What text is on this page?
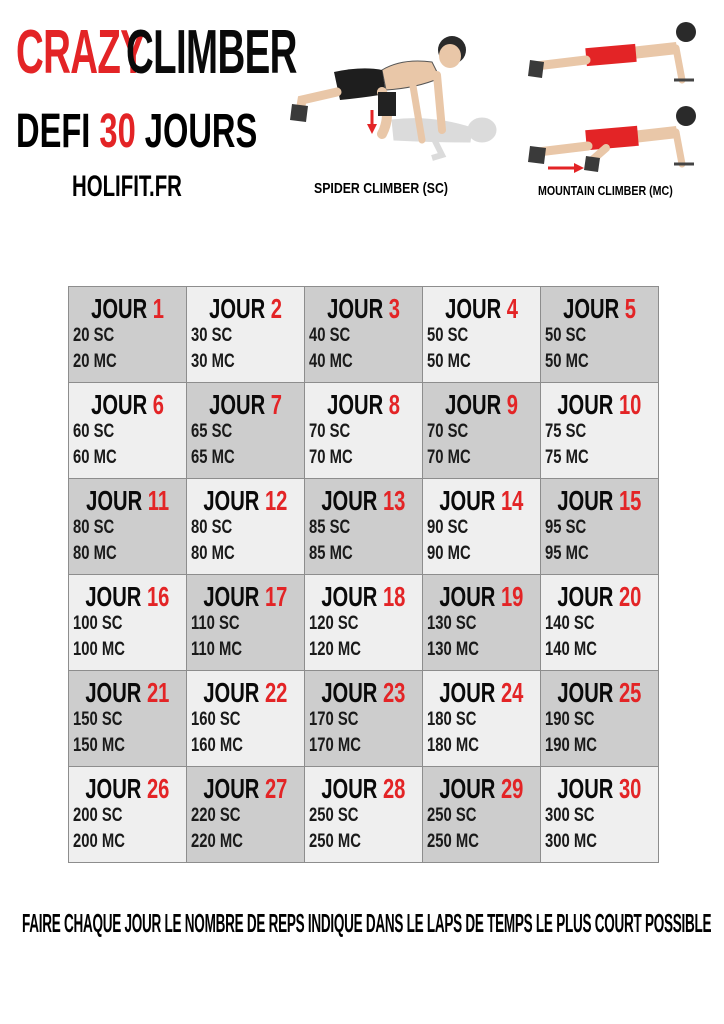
CRAZY
CLIMBER
DEFI 30 JOURS
HOLIFIT.FR	SPIDER CLIMBER (SC)	MOUNTAIN CLIMBER (MC)
JOUR 1
20 SC
20 MC	JOUR 2
30 SC
30 MC	JOUR 3
40 SC
40 MC	JOUR 4
50 SC
50 MC	JOUR 5
50 SC
50 MC

JOUR 6
60 SC
60 MC	JOUR 7
65 SC
65 MC	JOUR 8
70 SC
70 MC	JOUR 9
70 SC
70 MC	JOUR 10
75 SC
75 MC

JOUR 11
80 SC
80 MC	JOUR 12
80 SC
80 MC	JOUR 13
85 SC
85 MC	JOUR 14
90 SC
90 MC	JOUR 15
95 SC
95 MC

JOUR 16
100 SC
100 MC	JOUR 17
110 SC
110 MC	JOUR 18
120 SC
120 MC	JOUR 19
130 SC
130 MC	JOUR 20
140 SC
140 MC

JOUR 21
150 SC
150 MC	JOUR 22
160 SC
160 MC	JOUR 23
170 SC
170 MC	JOUR 24
180 SC
180 MC	JOUR 25
190 SC
190 MC

JOUR 26
200 SC
200 MC	JOUR 27
220 SC
220 MC	JOUR 28
250 SC
250 MC	JOUR 29
250 SC
250 MC	JOUR 30
300 SC
300 MC
FAIRE CHAQUE JOUR LE NOMBRE DE REPS INDIQUE DANS LE LAPS DE TEMPS LE PLUS COURT POSSIBLE
